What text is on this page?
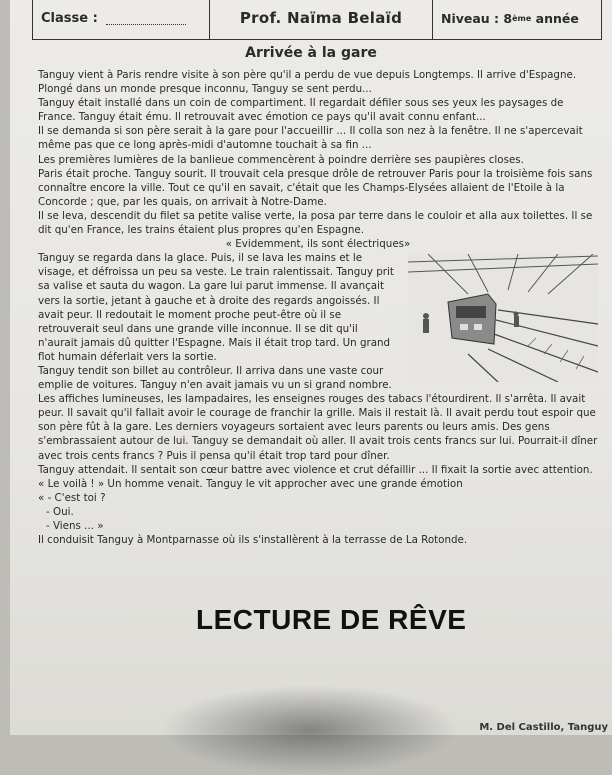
Classe :	Prof. Naïma Belaïd	Niveau :
8 ème
année
Arrivée à la gare

Tanguy vient à Paris rendre visite à son père qu'il a perdu de vue depuis Longtemps. Il arrive d'Espagne.

Plongé dans un monde presque inconnu, Tanguy se sent perdu...

Tanguy était installé dans un coin de compartiment. Il regardait défiler sous ses yeux les paysages de France. Tanguy était ému. Il retrouvait avec émotion ce pays qu'il avait connu enfant...

Il se demanda si son père serait à la gare pour l'accueillir ... Il colla son nez à la fenêtre. Il ne s'apercevait même pas que ce long après-midi d'automne touchait à sa fin ...

Les premières lumières de la banlieue commencèrent à poindre derrière ses paupières closes.

Paris était proche. Tanguy sourit. Il trouvait cela presque drôle de retrouver Paris pour la troisième fois sans connaître encore la ville. Tout ce qu'il en savait, c'était que les Champs-Elysées allaient de l'Etoile à la Concorde ; que, par les quais, on arrivait à Notre-Dame.

Il se leva, descendit du filet sa petite valise verte, la posa par terre dans le couloir et alla aux toilettes. Il se dit qu'en France, les trains étaient plus propres qu'en Espagne.

« Evidemment, ils sont électriques»

Tanguy se regarda dans la glace. Puis, il se lava les mains et le visage, et défroissa un peu sa veste. Le train ralentissait. Tanguy prit sa valise et sauta du wagon. La gare lui parut immense. Il avançait vers la sortie, jetant à gauche et à droite des regards angoissés. Il avait peur. Il redoutait le moment proche peut-être où il se retrouverait seul dans une grande ville inconnue. Il se dit qu'il n'aurait jamais dû quitter l'Espagne. Mais il était trop tard. Un grand flot humain déferlait vers la sortie.

Tanguy tendit son billet au contrôleur. Il arriva dans une vaste cour emplie de voitures. Tanguy n'en avait jamais vu un si grand nombre. Les affiches lumineuses, les lampadaires, les enseignes rouges des tabacs l'étourdirent. Il s'arrêta. Il avait peur. Il savait qu'il fallait avoir le courage de franchir la grille. Mais il restait là. Il avait perdu tout espoir que son père fût à la gare. Les derniers voyageurs sortaient avec leurs parents ou leurs amis. Des gens s'embrassaient autour de lui. Tanguy se demandait où aller. Il avait trois cents francs sur lui. Pourrait-il dîner avec trois cents francs ? Puis il pensa qu'il était trop tard pour dîner.

Tanguy attendait. Il sentait son cœur battre avec violence et crut défaillir ... Il fixait la sortie avec attention. « Le voilà ! » Un homme venait. Tanguy le vit approcher avec une grande émotion

« - C'est toi ?

- Oui.

- Viens ... »

Il conduisit Tanguy à Montparnasse où ils s'installèrent à la terrasse de La Rotonde.

LECTURE DE RÊVE
M. Del Castillo, Tanguy
